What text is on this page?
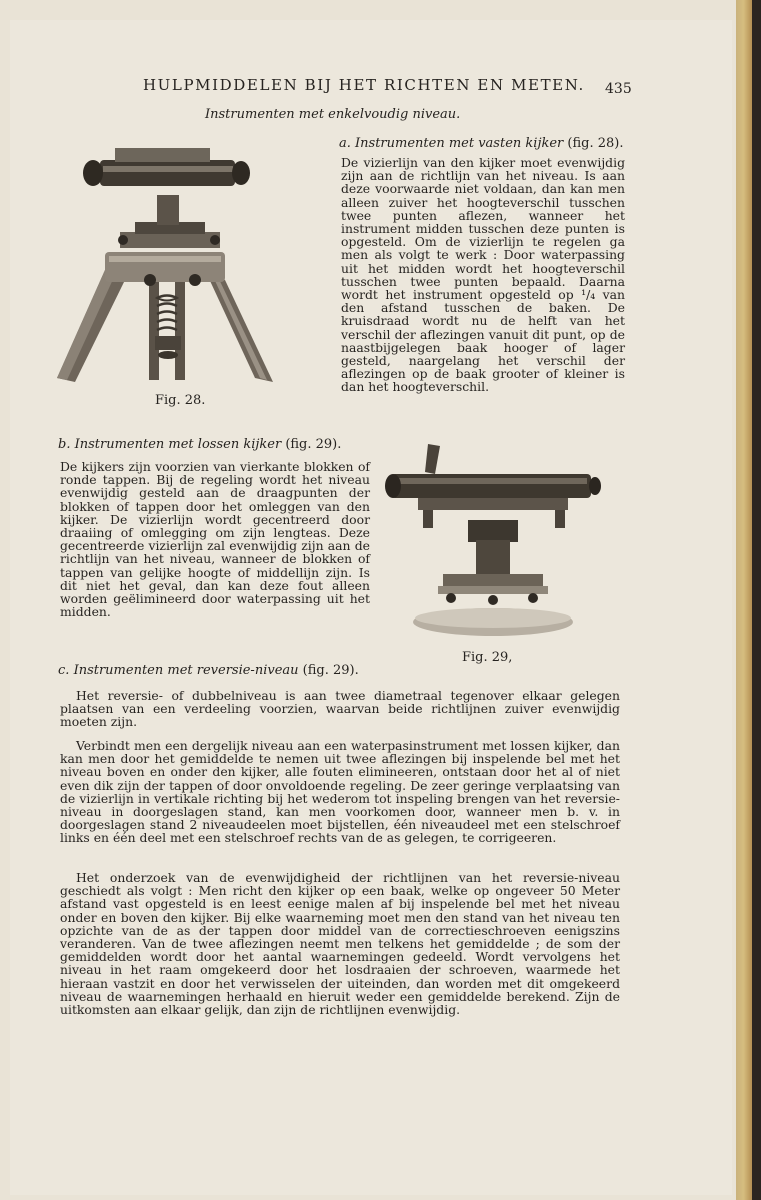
HULPMIDDELEN BIJ HET RICHTEN EN METEN. 435
Instrumenten met enkelvoudig niveau.
a. Instrumenten met vasten kijker (fig. 28).

De vizierlijn van den kijker moet evenwijdig zijn aan de richtlijn van het niveau. Is aan deze voorwaarde niet voldaan, dan kan men alleen zuiver het hoogteverschil tusschen twee punten aflezen, wanneer het instrument midden tusschen deze punten is opgesteld. Om de vizierlijn te regelen ga men als volgt te werk : Door waterpassing uit het midden wordt het hoogteverschil tusschen twee punten bepaald. Daarna wordt het instrument opgesteld op ¹/₄ van den afstand tusschen de baken. De kruisdraad wordt nu de helft van het verschil der aflezingen vanuit dit punt, op de naastbijgelegen baak hooger of lager gesteld, naargelang het verschil der aflezingen op de baak grooter of kleiner is dan het hoogteverschil.

Fig. 28.
b. Instrumenten met lossen kijker (fig. 29).

De kijkers zijn voorzien van vierkante blokken of ronde tappen. Bij de regeling wordt het niveau evenwijdig gesteld aan de draagpunten der blokken of tappen door het omleggen van den kijker. De vizierlijn wordt gecentreerd door draaiing of omlegging om zijn lengteas. Deze gecentreerde vizierlijn zal evenwijdig zijn aan de richtlijn van het niveau, wanneer de blokken of tappen van gelijke hoogte of middellijn zijn. Is dit niet het geval, dan kan deze fout alleen worden geëlimineerd door waterpassing uit het midden.

Fig. 29,
c. Instrumenten met reversie-niveau (fig. 29).

Het reversie- of dubbelniveau is aan twee diametraal tegenover elkaar gelegen plaatsen van een verdeeling voorzien, waarvan beide richtlijnen zuiver evenwijdig moeten zijn.

Verbindt men een dergelijk niveau aan een waterpasinstrument met lossen kijker, dan kan men door het gemiddelde te nemen uit twee aflezingen bij inspelende bel met het niveau boven en onder den kijker, alle fouten elimineeren, ontstaan door het al of niet even dik zijn der tappen of door onvoldoende regeling. De zeer geringe verplaatsing van de vizierlijn in vertikale richting bij het wederom tot inspeling brengen van het reversie-niveau in doorgeslagen stand, kan men voorkomen door, wanneer men b. v. in doorgeslagen stand 2 niveaudeelen moet bijstellen, één niveaudeel met een stelschroef links en één deel met een stelschroef rechts van de as gelegen, te corrigeeren.

Het onderzoek van de evenwijdigheid der richtlijnen van het reversie-niveau geschiedt als volgt : Men richt den kijker op een baak, welke op ongeveer 50 Meter afstand vast opgesteld is en leest eenige malen af bij inspelende bel met het niveau onder en boven den kijker. Bij elke waarneming moet men den stand van het niveau ten opzichte van de as der tappen door middel van de correctieschroeven eenigszins veranderen. Van de twee aflezingen neemt men telkens het gemiddelde ; de som der gemiddelden wordt door het aantal waarnemingen gedeeld. Wordt vervolgens het niveau in het raam omgekeerd door het losdraaien der schroeven, waarmede het hieraan vastzit en door het verwisselen der uiteinden, dan worden met dit omgekeerd niveau de waarnemingen herhaald en hieruit weder een gemiddelde berekend. Zijn de uitkomsten aan elkaar gelijk, dan zijn de richtlijnen evenwijdig.
